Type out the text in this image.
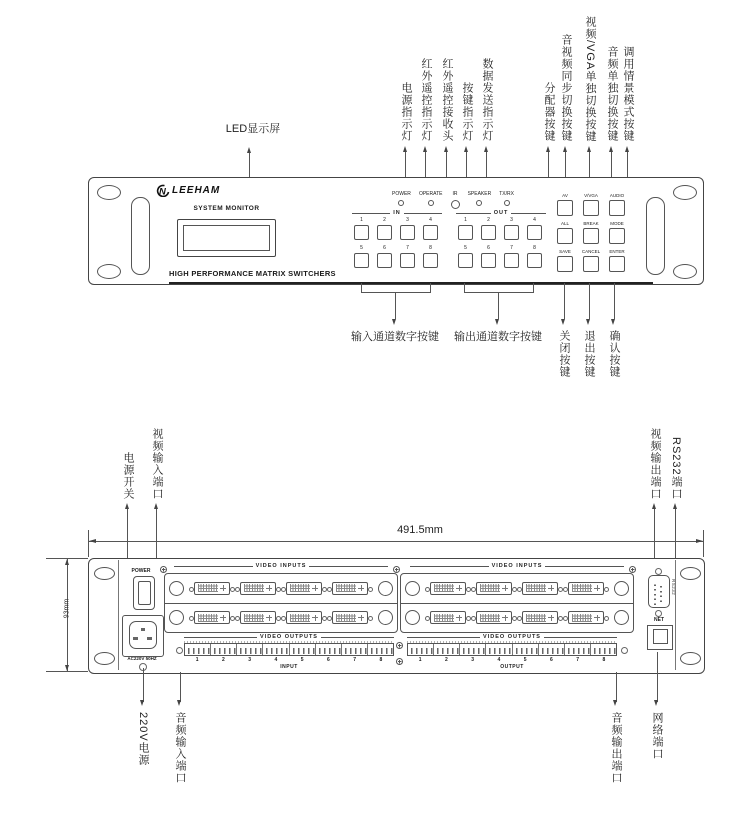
LED显示屏	电源指示灯 红外遥控指示灯 红外遥控接收头 按键指示灯 数据发送指示灯	分配器按键 音视频同步切换按键 视频/VGA单独切换按键 音频单独切换按键 调用情景模式按键
N LEEHAM
SYSTEM MONITOR
HIGH PERFORMANCE MATRIX SWITCHERS
POWER OPERATE IR SPEAKER TX/RX
IN
1	2	3	4
5	6	7	8
OUT
1	2	3	4
5	6	7	8
AV	V/VGA	AUDIO
ALL	BREAK	MODE
SAVE CANCEL ENTER
输入通道数字按键	输出通道数字按键	关闭按键 退出按键 确认按键
电源开关 视频输入端口	视频输出端口 RS232端口
491.5mm
93mm
POWER
AC220V 50HZ
VIDEO INPUTS	VIDEO INPUTS
VIDEO OUTPUTS	VIDEO OUTPUTS
1	2	3	4	5	6	7	8	1	2	3	4	5	6	7	8
INPUT	OUTPUT
RS232
NET
220V电源 音频输入端口	音频输出端口	网络端口
